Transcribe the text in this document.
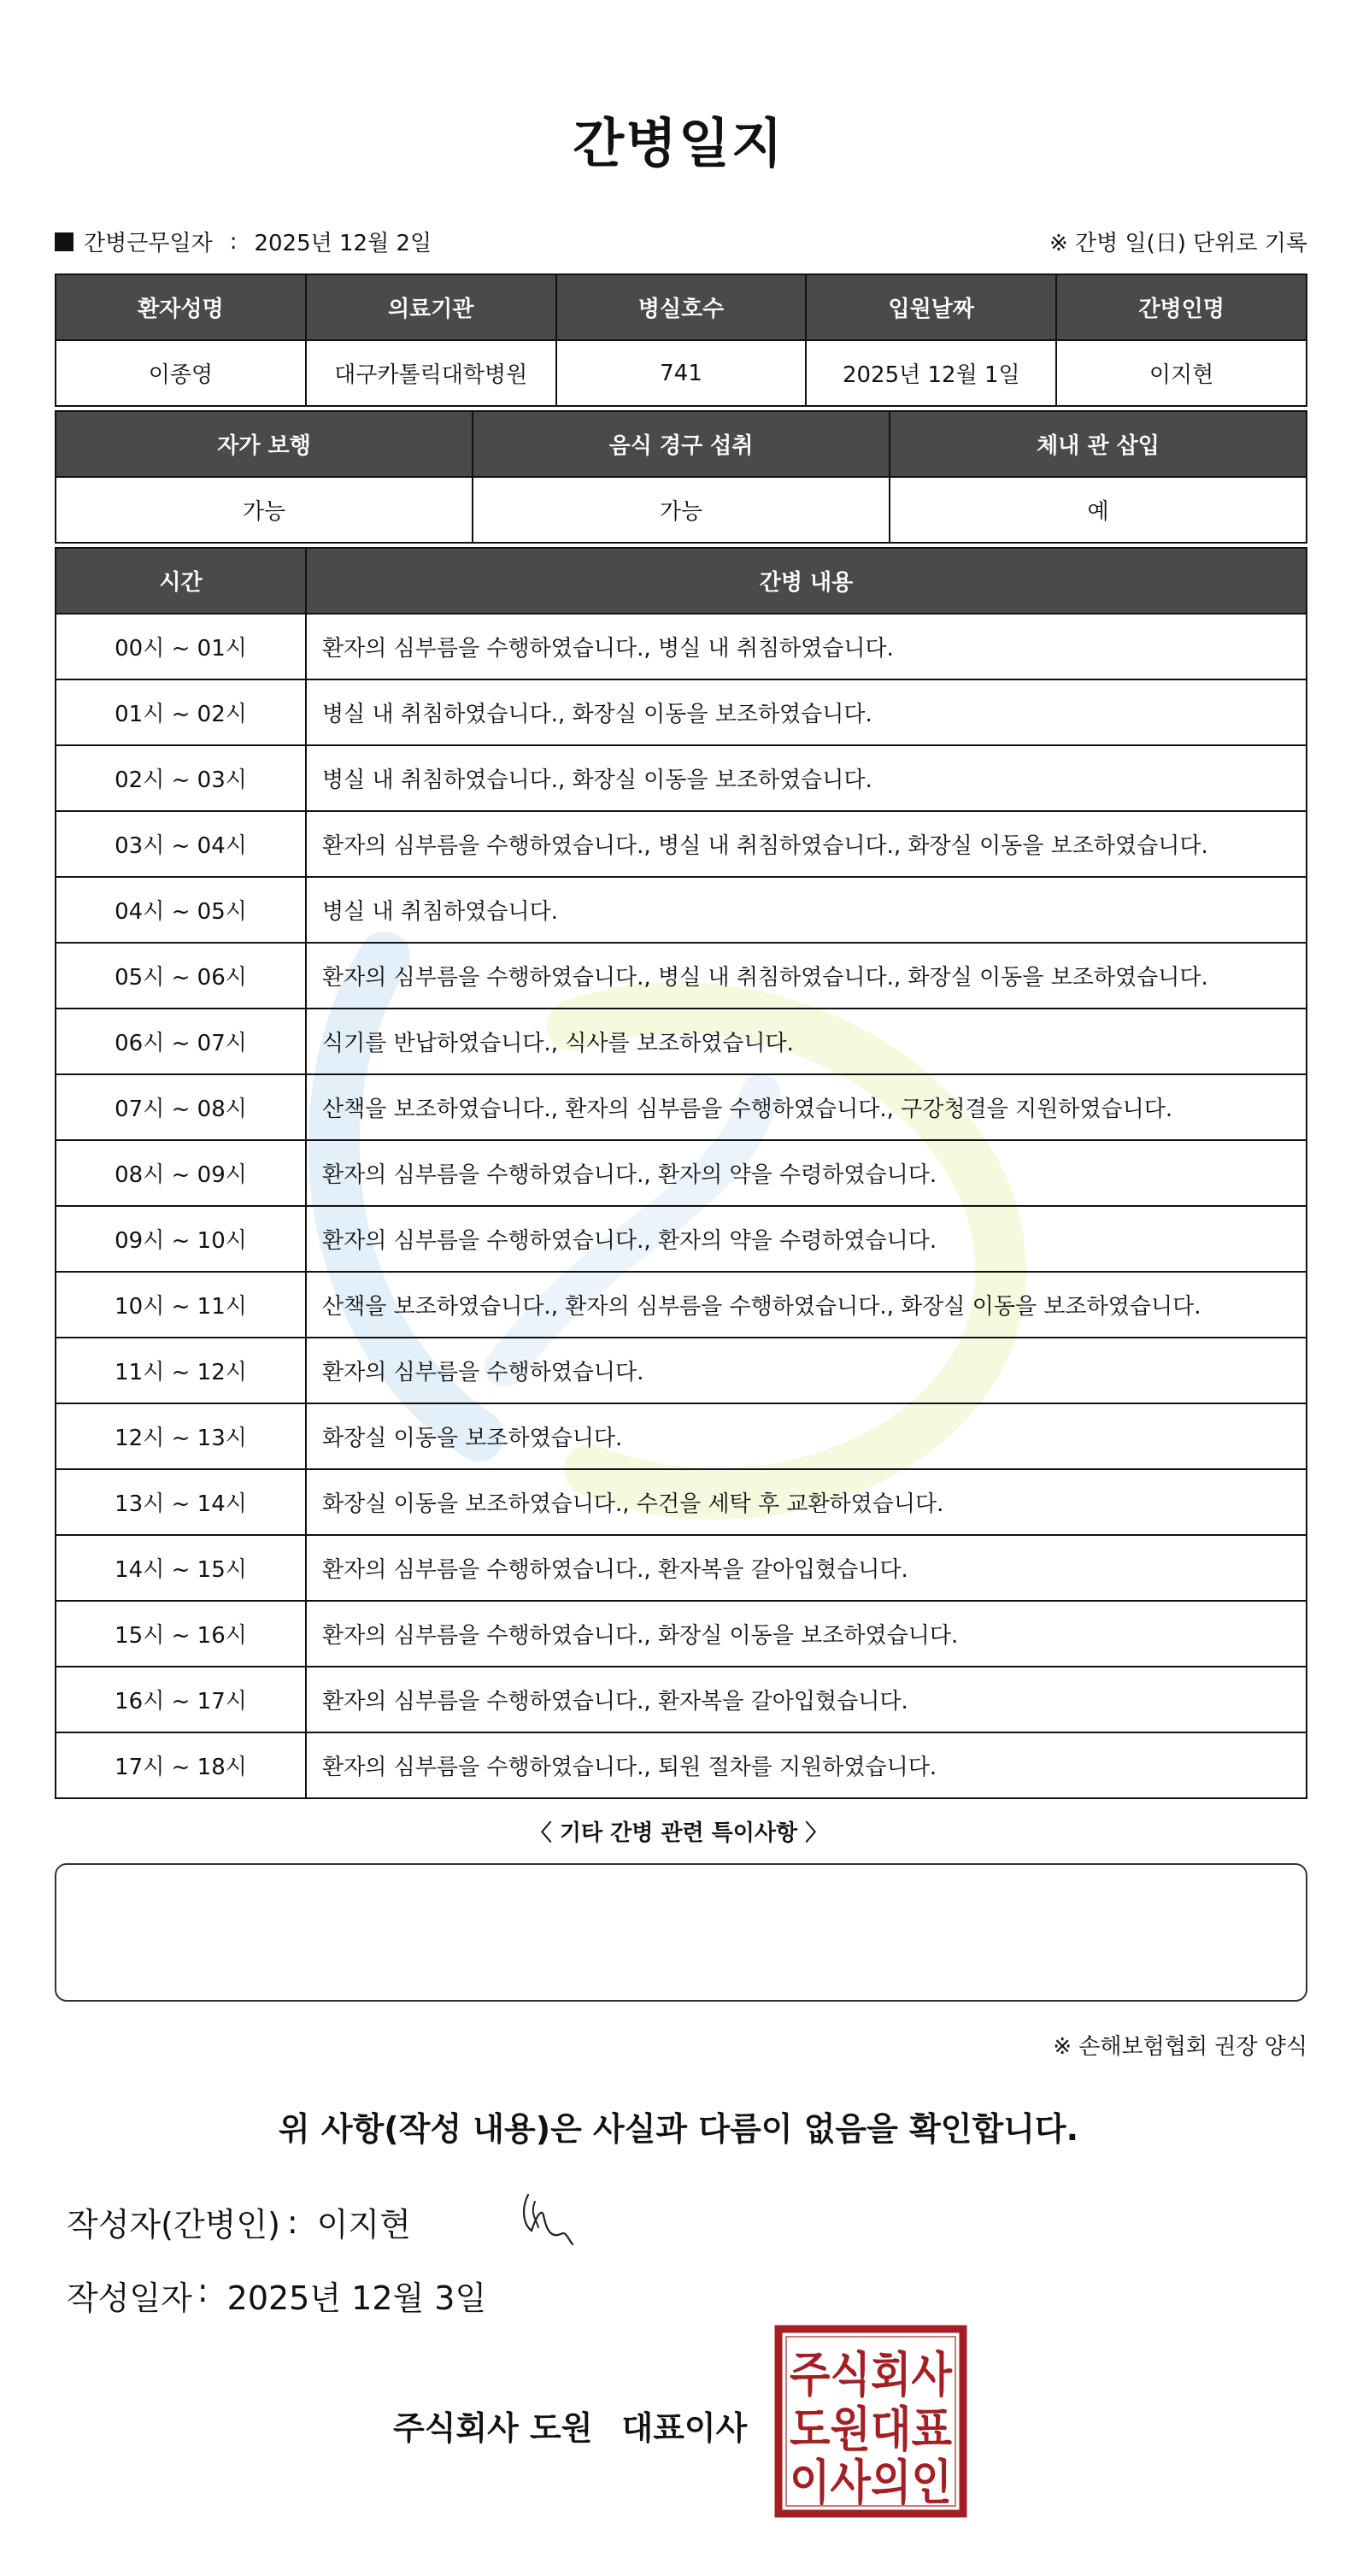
간병일지
간병근무일자 : 2025년 12월 2일	※ 간병 일(日) 단위로 기록
환자성명	의료기관	병실호수	입원날짜	간병인명
이종영	대구카톨릭대학병원	741	2025년 12월 1일	이지현
자가 보행	음식 경구 섭취	체내 관 삽입
가능	가능	예
시간	간병 내용
00시 ~ 01시	환자의 심부름을 수행하였습니다., 병실 내 취침하였습니다.
01시 ~ 02시	병실 내 취침하였습니다., 화장실 이동을 보조하였습니다.
02시 ~ 03시	병실 내 취침하였습니다., 화장실 이동을 보조하였습니다.
03시 ~ 04시	환자의 심부름을 수행하였습니다., 병실 내 취침하였습니다., 화장실 이동을 보조하였습니다.
04시 ~ 05시	병실 내 취침하였습니다.
05시 ~ 06시	환자의 심부름을 수행하였습니다., 병실 내 취침하였습니다., 화장실 이동을 보조하였습니다.
06시 ~ 07시	식기를 반납하였습니다., 식사를 보조하였습니다.
07시 ~ 08시	산책을 보조하였습니다., 환자의 심부름을 수행하였습니다., 구강청결을 지원하였습니다.
08시 ~ 09시	환자의 심부름을 수행하였습니다., 환자의 약을 수령하였습니다.
09시 ~ 10시	환자의 심부름을 수행하였습니다., 환자의 약을 수령하였습니다.
10시 ~ 11시	산책을 보조하였습니다., 환자의 심부름을 수행하였습니다., 화장실 이동을 보조하였습니다.
11시 ~ 12시	환자의 심부름을 수행하였습니다.
12시 ~ 13시	화장실 이동을 보조하였습니다.
13시 ~ 14시	화장실 이동을 보조하였습니다., 수건을 세탁 후 교환하였습니다.
14시 ~ 15시	환자의 심부름을 수행하였습니다., 환자복을 갈아입혔습니다.
15시 ~ 16시	환자의 심부름을 수행하였습니다., 화장실 이동을 보조하였습니다.
16시 ~ 17시	환자의 심부름을 수행하였습니다., 환자복을 갈아입혔습니다.
17시 ~ 18시	환자의 심부름을 수행하였습니다., 퇴원 절차를 지원하였습니다.
〈 기타 간병 관련 특이사항 〉
※ 손해보험협회 권장 양식
위 사항(작성 내용)은 사실과 다름이 없음을 확인합니다.
작성자(간병인) : 이지현
작성일자 : 2025년 12월 3일
주식회사 도원 대표이사
주식회사
도원대표
이사의인
